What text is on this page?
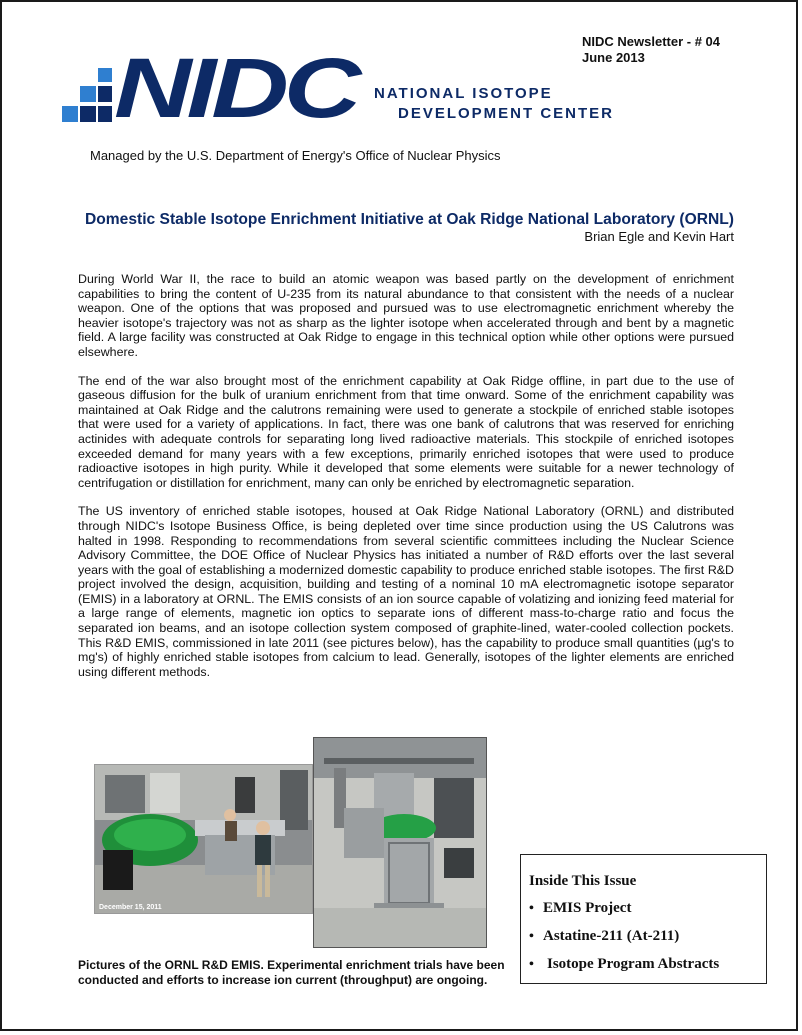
NIDC Newsletter - # 04
June 2013
NIDC NATIONAL ISOTOPE
DEVELOPMENT CENTER
Managed by the U.S. Department of Energy's Office of Nuclear Physics
Domestic Stable Isotope Enrichment Initiative at Oak Ridge National Laboratory (ORNL)
Brian Egle and Kevin Hart

During World War II, the race to build an atomic weapon was based partly on the development of enrichment capabilities to bring the content of U-235 from its natural abundance to that consistent with the needs of a nuclear weapon. One of the options that was proposed and pursued was to use electromagnetic enrichment whereby the heavier isotope's trajectory was not as sharp as the lighter isotope when accelerated through and bent by a magnetic field. A large facility was constructed at Oak Ridge to engage in this technical option while other options were pursued elsewhere.

The end of the war also brought most of the enrichment capability at Oak Ridge offline, in part due to the use of gaseous diffusion for the bulk of uranium enrichment from that time onward. Some of the enrichment capability was maintained at Oak Ridge and the calutrons remaining were used to generate a stockpile of enriched stable isotopes that were used for a variety of applications. In fact, there was one bank of calutrons that was reserved for enriching actinides with adequate controls for separating long lived radioactive materials. This stockpile of enriched isotopes exceeded demand for many years with a few exceptions, primarily enriched isotopes that were used to produce radioactive isotopes in high purity. While it developed that some elements were suitable for a newer technology of centrifugation or distillation for enrichment, many can only be enriched by electromagnetic separation.

The US inventory of enriched stable isotopes, housed at Oak Ridge National Laboratory (ORNL) and distributed through NIDC's Isotope Business Office, is being depleted over time since production using the US Calutrons was halted in 1998. Responding to recommendations from several scientific committees including the Nuclear Science Advisory Committee, the DOE Office of Nuclear Physics has initiated a number of R&D efforts over the last several years with the goal of establishing a modernized domestic capability to produce enriched stable isotopes. The first R&D project involved the design, acquisition, building and testing of a nominal 10 mA electromagnetic isotope separator (EMIS) in a laboratory at ORNL. The EMIS consists of an ion source capable of volatizing and ionizing feed material for a large range of elements, magnetic ion optics to separate ions of different mass-to-charge ratio and focus the separated ion beams, and an isotope collection system composed of graphite-lined, water-cooled collection pockets. This R&D EMIS, commissioned in late 2011 (see pictures below), has the capability to produce small quantities (µg's to mg's) of highly enriched stable isotopes from calcium to lead. Generally, isotopes of the lighter elements are enriched using different methods.

December 15, 2011
Pictures of the ORNL R&D EMIS. Experimental enrichment trials have been conducted and efforts to increase ion current (throughput) are ongoing.
Inside This Issue
• EMIS Project
• Astatine-211 (At-211)
• Isotope Program Abstracts
